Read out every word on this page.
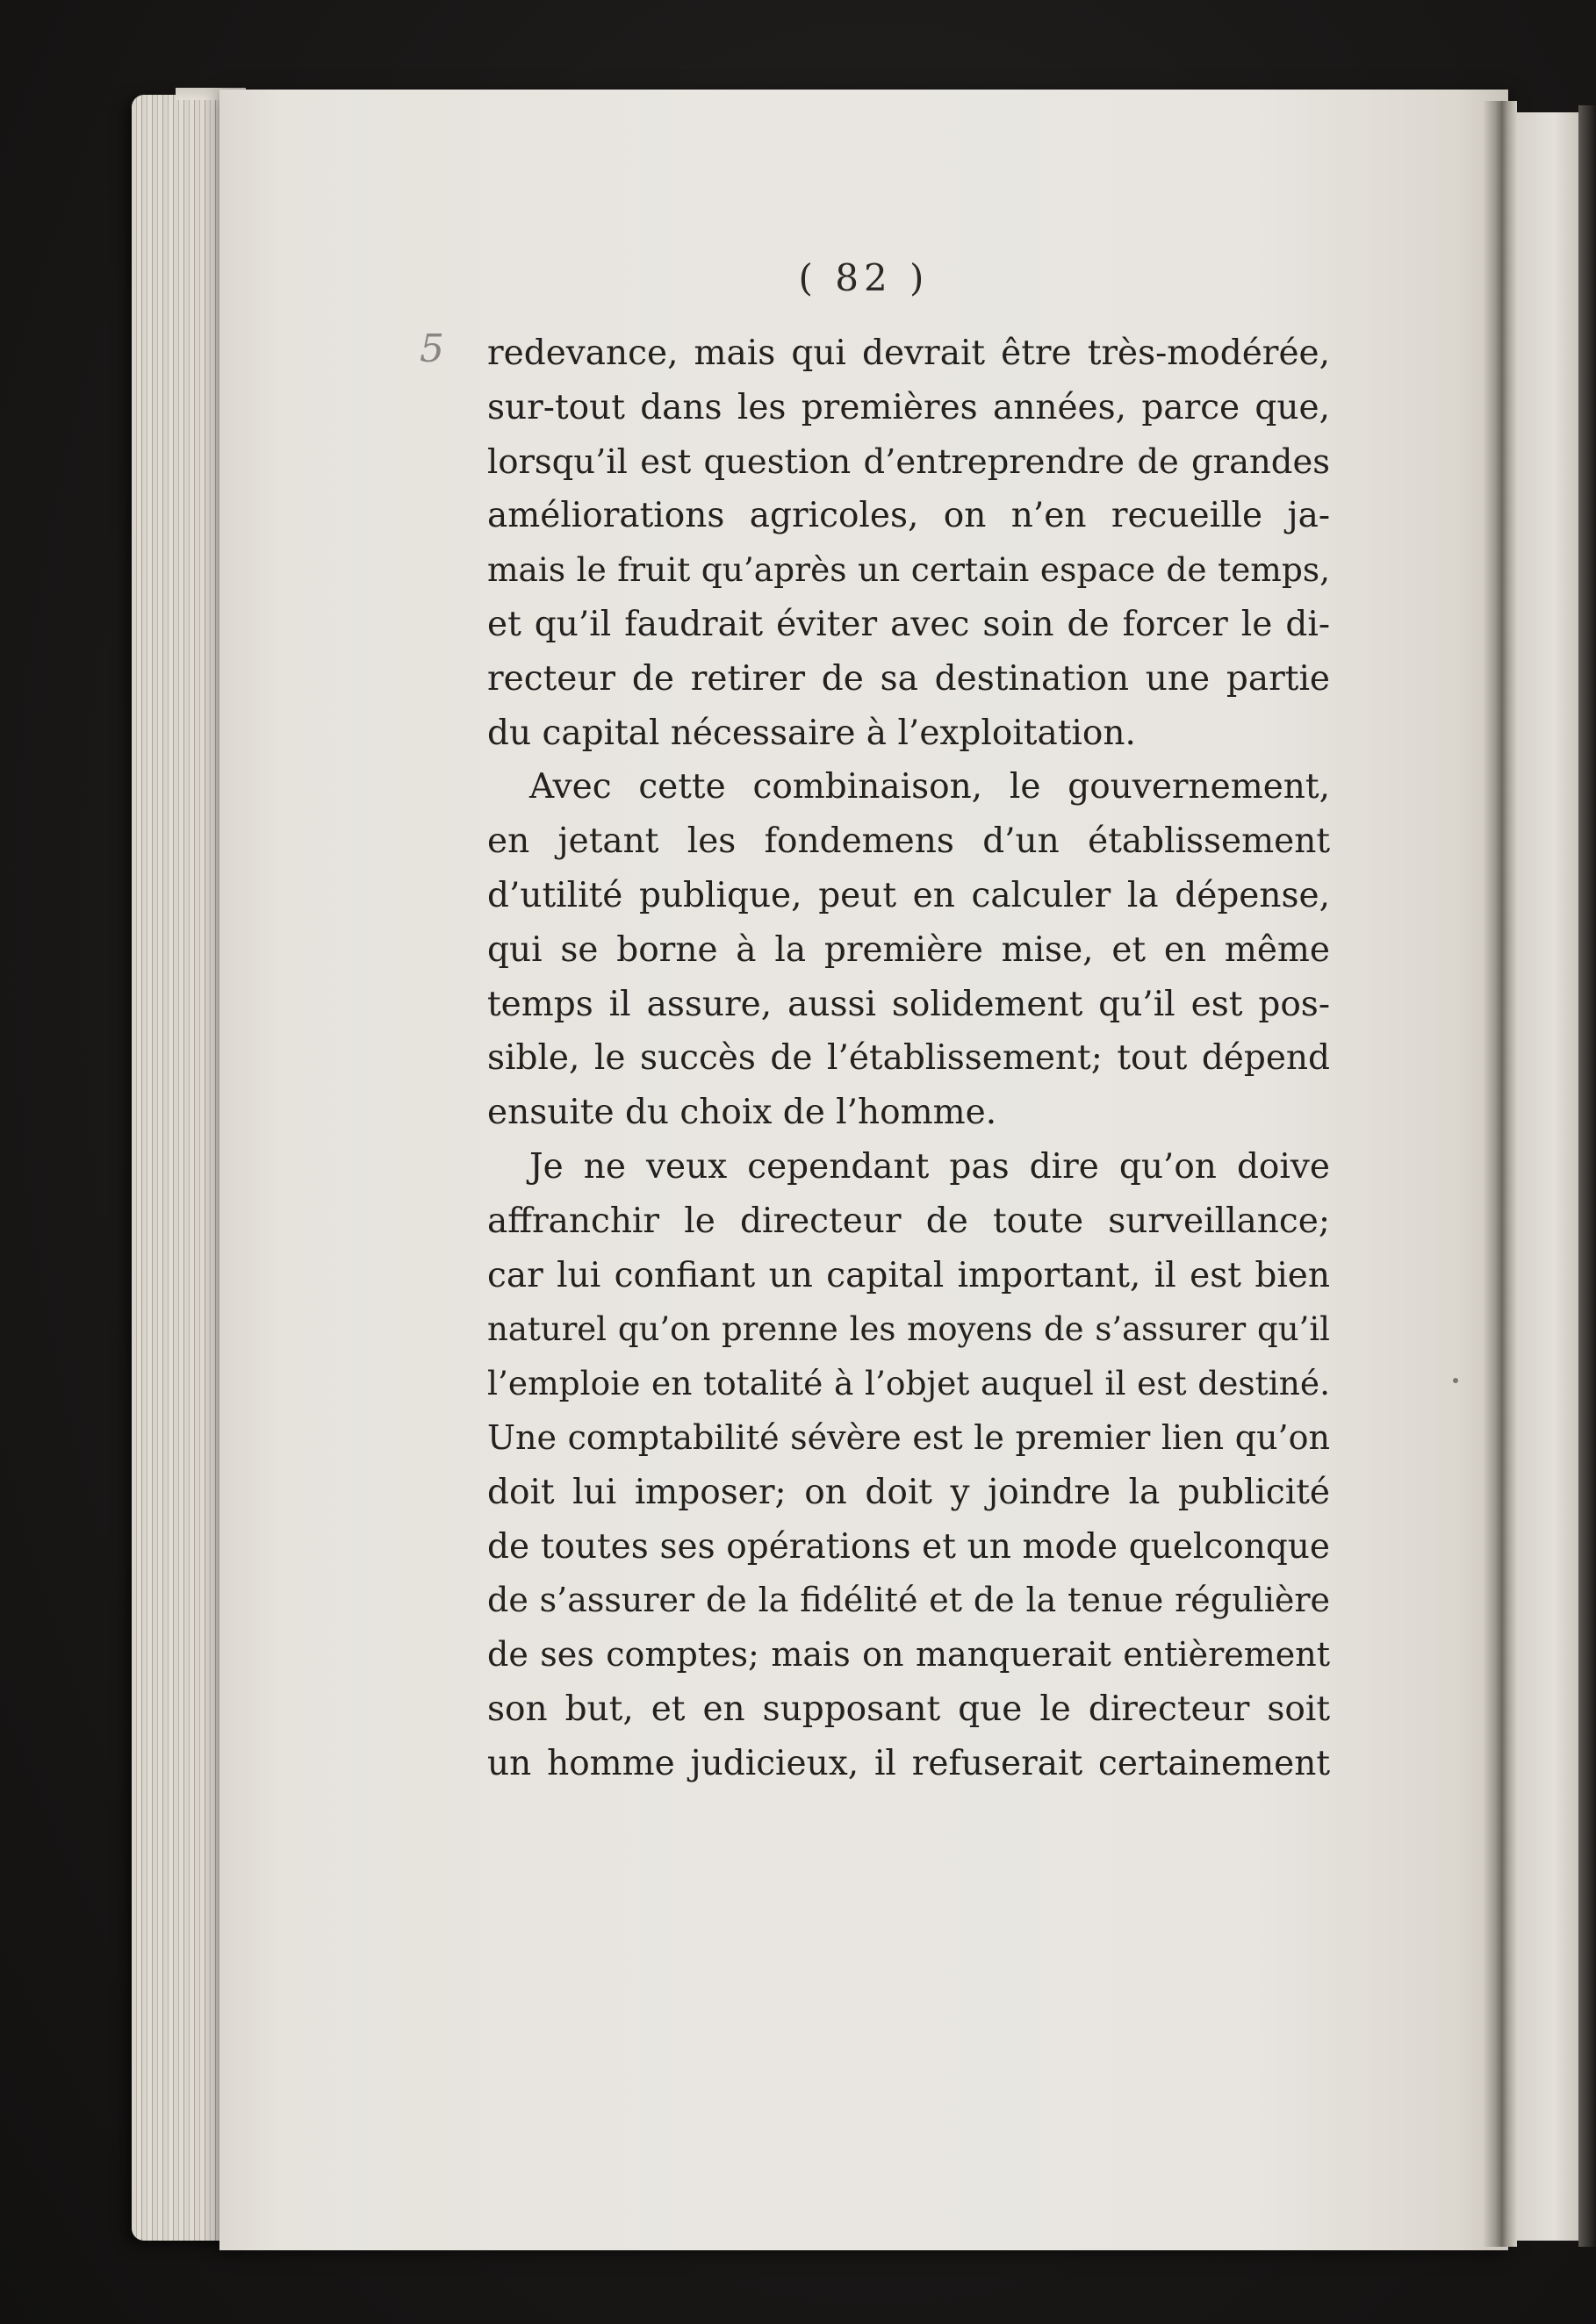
( 82 )
5 redevance, mais qui devrait être très-modérée,
sur-tout dans les premières années, parce que,
lorsqu’il est question d’entreprendre de grandes
améliorations agricoles, on n’en recueille ja-
mais le fruit qu’après un certain espace de temps,
et qu’il faudrait éviter avec soin de forcer le di-
recteur de retirer de sa destination une partie
du capital nécessaire à l’exploitation.
Avec cette combinaison, le gouvernement,
en jetant les fondemens d’un établissement
d’utilité publique, peut en calculer la dépense,
qui se borne à la première mise, et en même
temps il assure, aussi solidement qu’il est pos-
sible, le succès de l’établissement; tout dépend
ensuite du choix de l’homme.
Je ne veux cependant pas dire qu’on doive
affranchir le directeur de toute surveillance;
car lui confiant un capital important, il est bien
naturel qu’on prenne les moyens de s’assurer qu’il
l’emploie en totalité à l’objet auquel il est destiné.
Une comptabilité sévère est le premier lien qu’on
doit lui imposer; on doit y joindre la publicité
de toutes ses opérations et un mode quelconque
de s’assurer de la fidélité et de la tenue régulière
de ses comptes; mais on manquerait entièrement
son but, et en supposant que le directeur soit
un homme judicieux, il refuserait certainement
